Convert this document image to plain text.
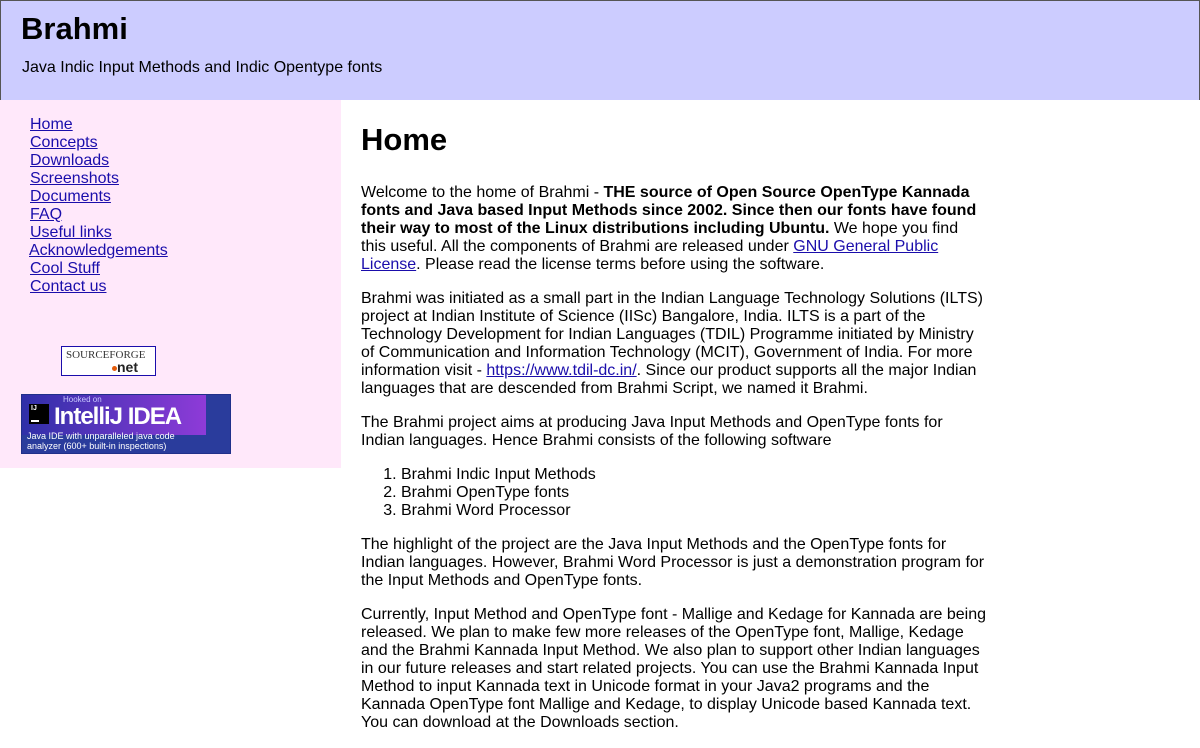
Brahmi

Java Indic Input Methods and Indic Opentype fonts

Home
Concepts
Downloads
Screenshots
Documents
FAQ
Useful links
Acknowledgements
Cool Stuff
Contact us
SOURCEFORGE
net
IJ
Hooked on
IntelliJ IDEA
Java IDE with unparalleled java code analyzer (600+ built-in inspections)
Home

Welcome to the home of Brahmi - THE source of Open Source OpenType Kannada fonts and Java based Input Methods since 2002. Since then our fonts have found their way to most of the Linux distributions including Ubuntu. We hope you find this useful. All the components of Brahmi are released under GNU General Public License. Please read the license terms before using the software.

Brahmi was initiated as a small part in the Indian Language Technology Solutions (ILTS) project at Indian Institute of Science (IISc) Bangalore, India. ILTS is a part of the Technology Development for Indian Languages (TDIL) Programme initiated by Ministry of Communication and Information Technology (MCIT), Government of India. For more information visit - https://www.tdil-dc.in/. Since our product supports all the major Indian languages that are descended from Brahmi Script, we named it Brahmi.

The Brahmi project aims at producing Java Input Methods and OpenType fonts for Indian languages. Hence Brahmi consists of the following software

1. Brahmi Indic Input Methods
2. Brahmi OpenType fonts
3. Brahmi Word Processor

The highlight of the project are the Java Input Methods and the OpenType fonts for Indian languages. However, Brahmi Word Processor is just a demonstration program for the Input Methods and OpenType fonts.

Currently, Input Method and OpenType font - Mallige and Kedage for Kannada are being released. We plan to make few more releases of the OpenType font, Mallige, Kedage and the Brahmi Kannada Input Method. We also plan to support other Indian languages in our future releases and start related projects. You can use the Brahmi Kannada Input Method to input Kannada text in Unicode format in your Java2 programs and the Kannada OpenType font Mallige and Kedage, to display Unicode based Kannada text. You can download at the Downloads section.
